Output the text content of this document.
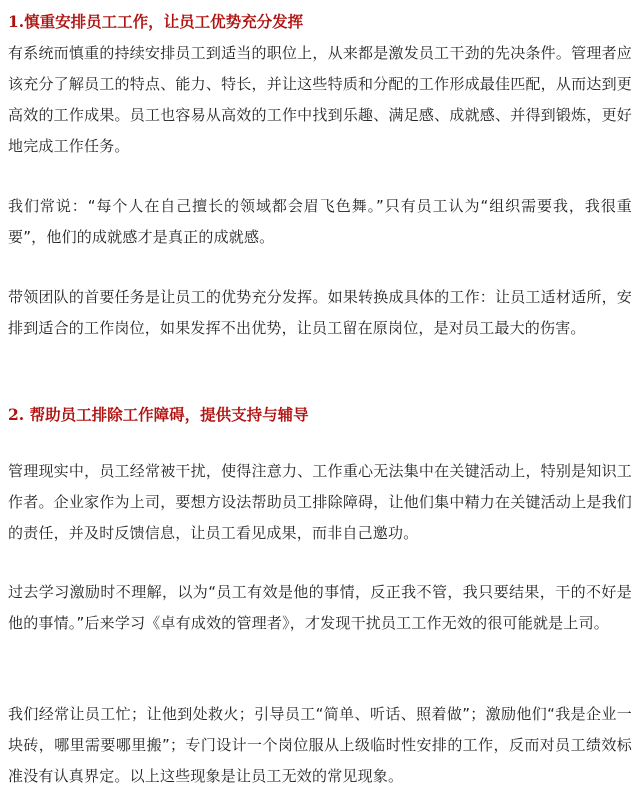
1.慎重安排员工工作，让员工优势充分发挥

有系统而慎重的持续安排员工到适当的职位上，从来都是激发员工干劲的先决条件。管理者应该充分了解员工的特点、能力、特长，并让这些特质和分配的工作形成最佳匹配，从而达到更高效的工作成果。员工也容易从高效的工作中找到乐趣、满足感、成就感、并得到锻炼，更好地完成工作任务。

我们常说：“每个人在自己擅长的领域都会眉飞色舞。”只有员工认为“组织需要我，我很重要”，他们的成就感才是真正的成就感。

带领团队的首要任务是让员工的优势充分发挥。如果转换成具体的工作：让员工适材适所，安排到适合的工作岗位，如果发挥不出优势，让员工留在原岗位，是对员工最大的伤害。

2. 帮助员工排除工作障碍，提供支持与辅导

管理现实中，员工经常被干扰，使得注意力、工作重心无法集中在关键活动上，特别是知识工作者。企业家作为上司，要想方设法帮助员工排除障碍，让他们集中精力在关键活动上是我们的责任，并及时反馈信息，让员工看见成果，而非自己邀功。

过去学习激励时不理解，以为“员工有效是他的事情，反正我不管，我只要结果，干的不好是他的事情。”后来学习《卓有成效的管理者》，才发现干扰员工工作无效的很可能就是上司。

我们经常让员工忙；让他到处救火；引导员工“简单、听话、照着做”；激励他们“我是企业一块砖，哪里需要哪里搬”；专门设计一个岗位服从上级临时性安排的工作，反而对员工绩效标准没有认真界定。以上这些现象是让员工无效的常见现象。
